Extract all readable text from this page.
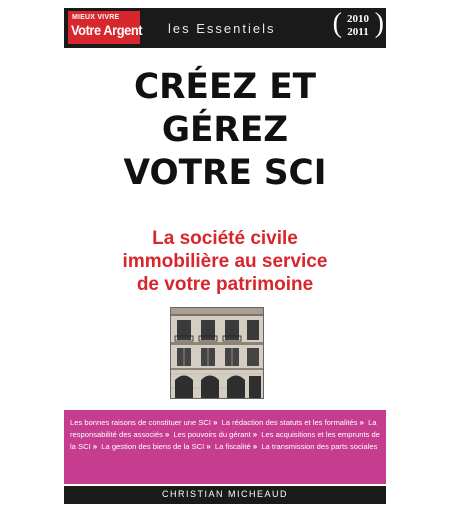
MIEUX VIVRE
Votre Argent les Essentiels ( 2010
2011 )
CRÉEZ ET
GÉREZ
VOTRE SCI
La société civile
immobilière au service
de votre patrimoine
Les bonnes raisons de constituer une SCI » La rédaction des statuts et les formalités » La responsabilité des associés » Les pouvoirs du gérant » Les acquisitions et les emprunts de la SCI » La gestion des biens de la SCI » La fiscalité » La transmission des parts sociales
CHRISTIAN MICHEAUD
